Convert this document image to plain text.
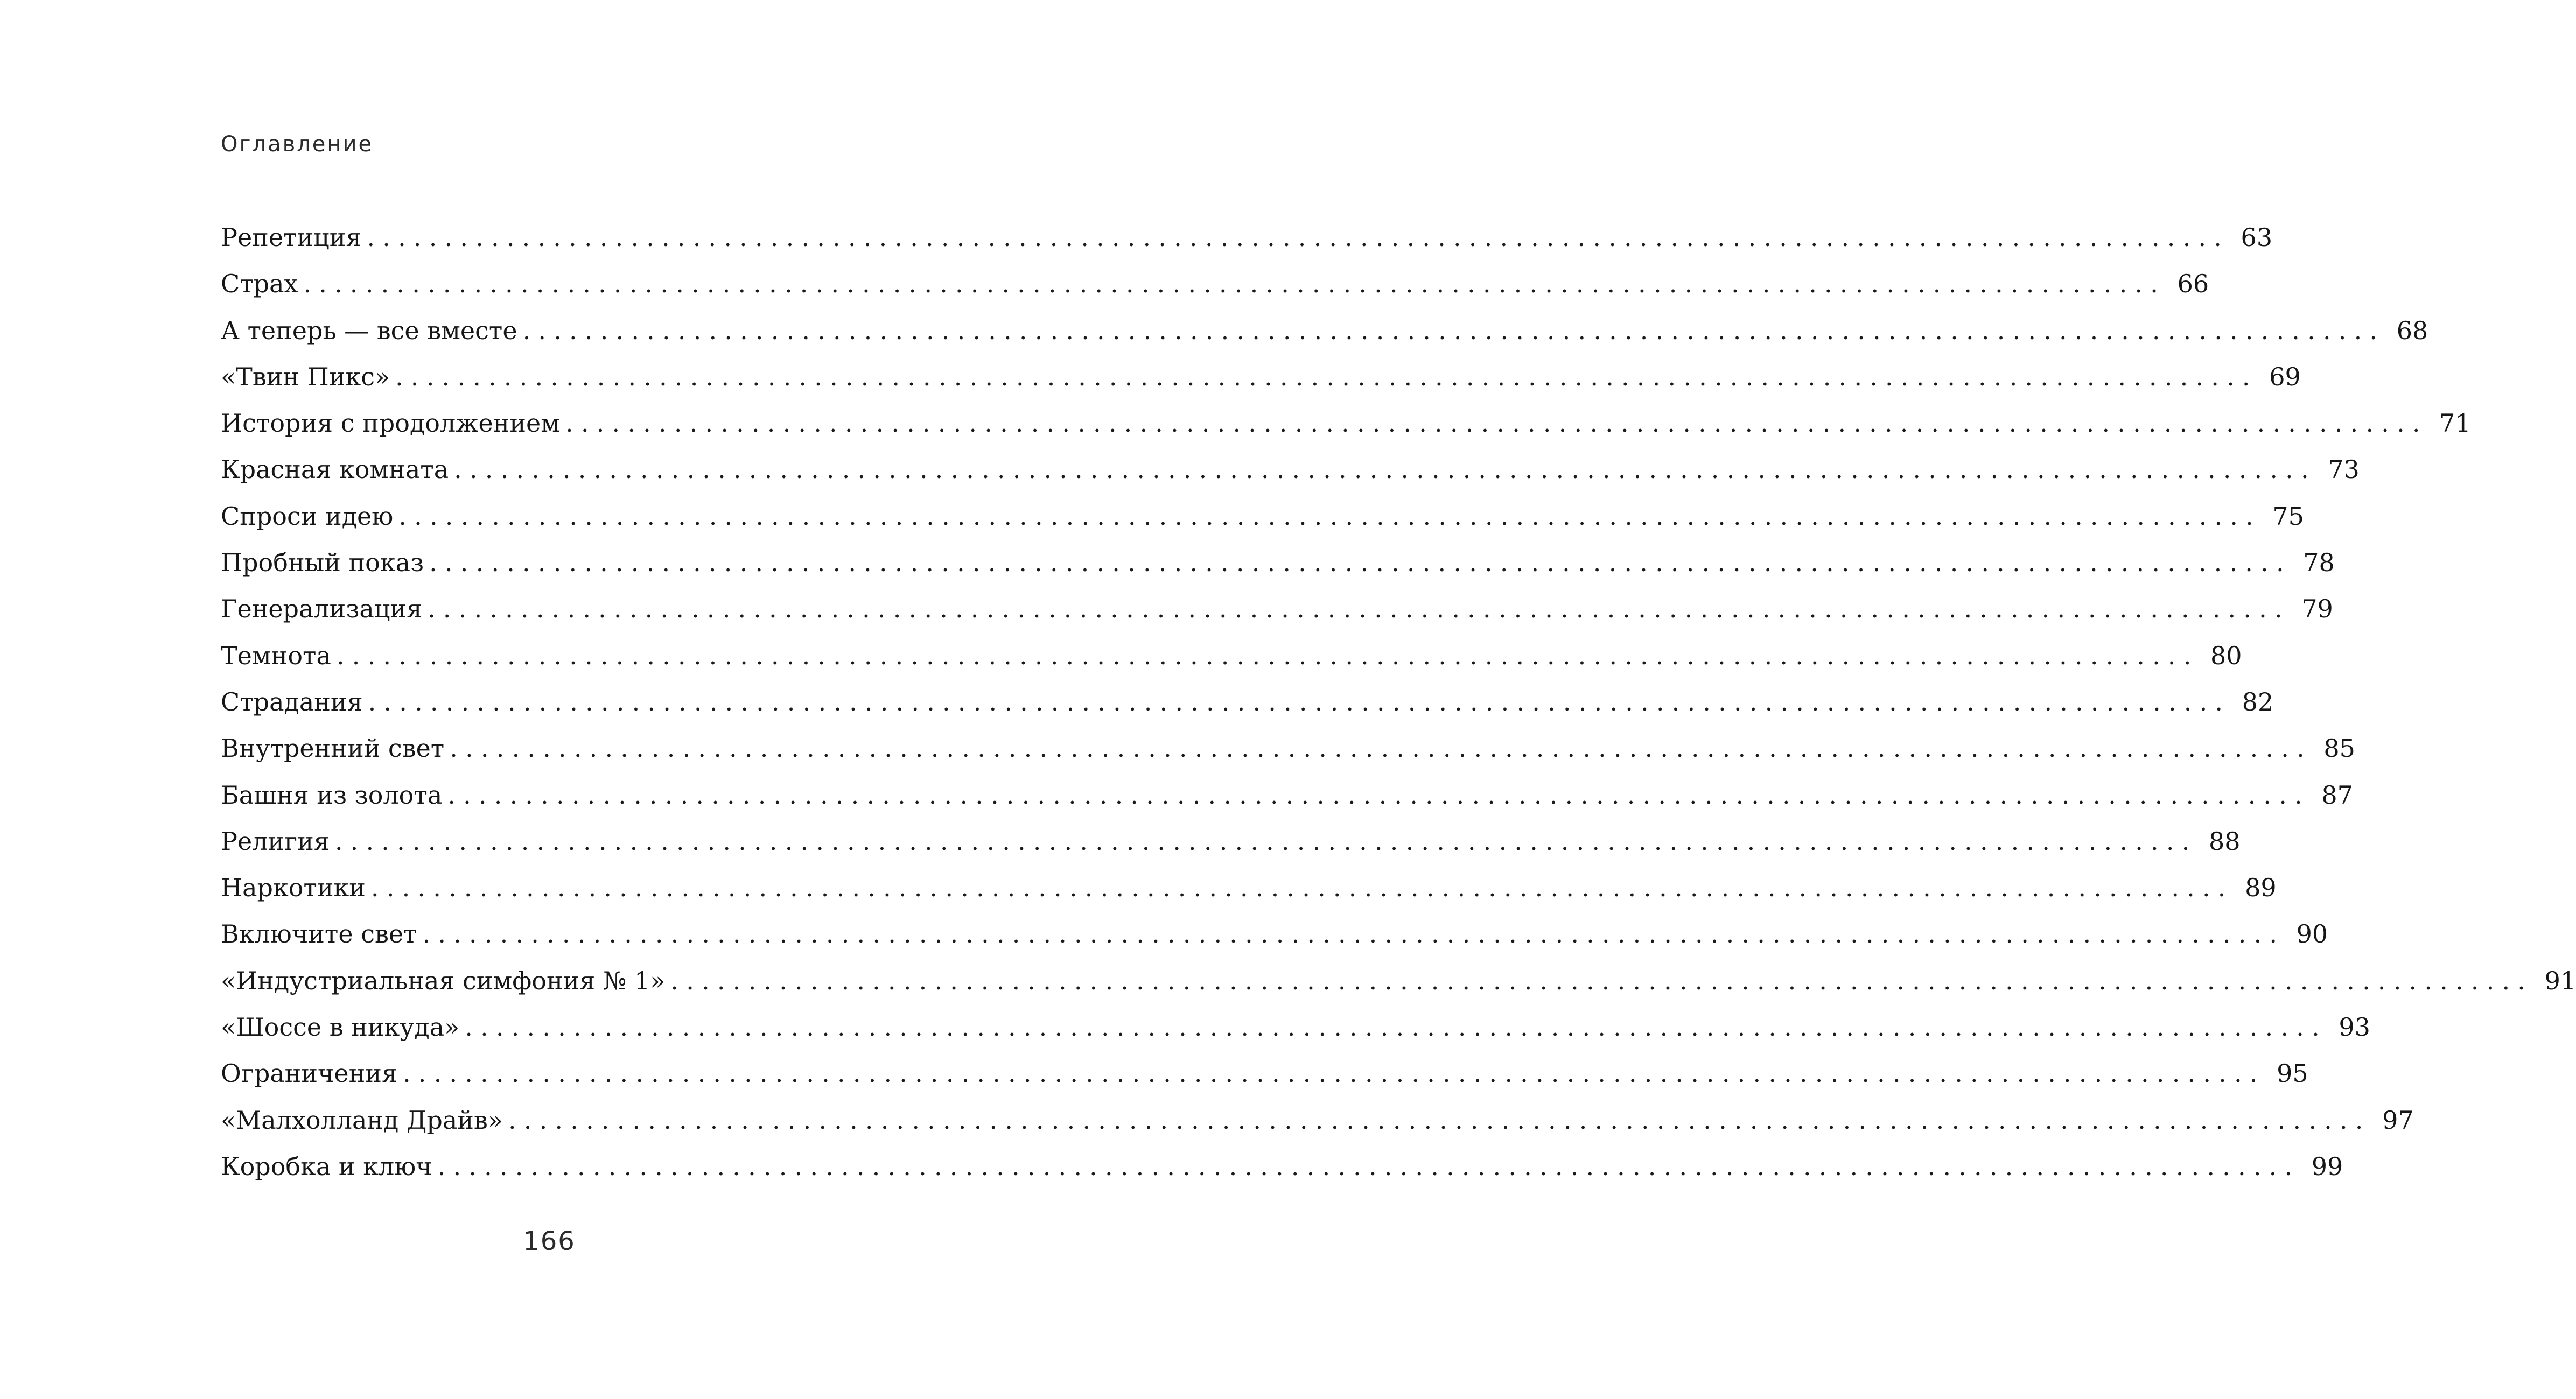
Оглавление
Репетиция ........................................................................................................................ 63
Страх ........................................................................................................................ 66
А теперь — все вместе ........................................................................................................................ 68
«Твин Пикс» ........................................................................................................................ 69
История с продолжением ........................................................................................................................ 71
Красная комната ........................................................................................................................ 73
Спроси идею ........................................................................................................................ 75
Пробный показ ........................................................................................................................ 78
Генерализация ........................................................................................................................ 79
Темнота ........................................................................................................................ 80
Страдания ........................................................................................................................ 82
Внутренний свет ........................................................................................................................ 85
Башня из золота ........................................................................................................................ 87
Религия ........................................................................................................................ 88
Наркотики ........................................................................................................................ 89
Включите свет ........................................................................................................................ 90
«Индустриальная симфония № 1» ........................................................................................................................ 91
«Шоссе в никуда» ........................................................................................................................ 93
Ограничения ........................................................................................................................ 95
«Малхолланд Драйв» ........................................................................................................................ 97
Коробка и ключ ........................................................................................................................ 99
166
